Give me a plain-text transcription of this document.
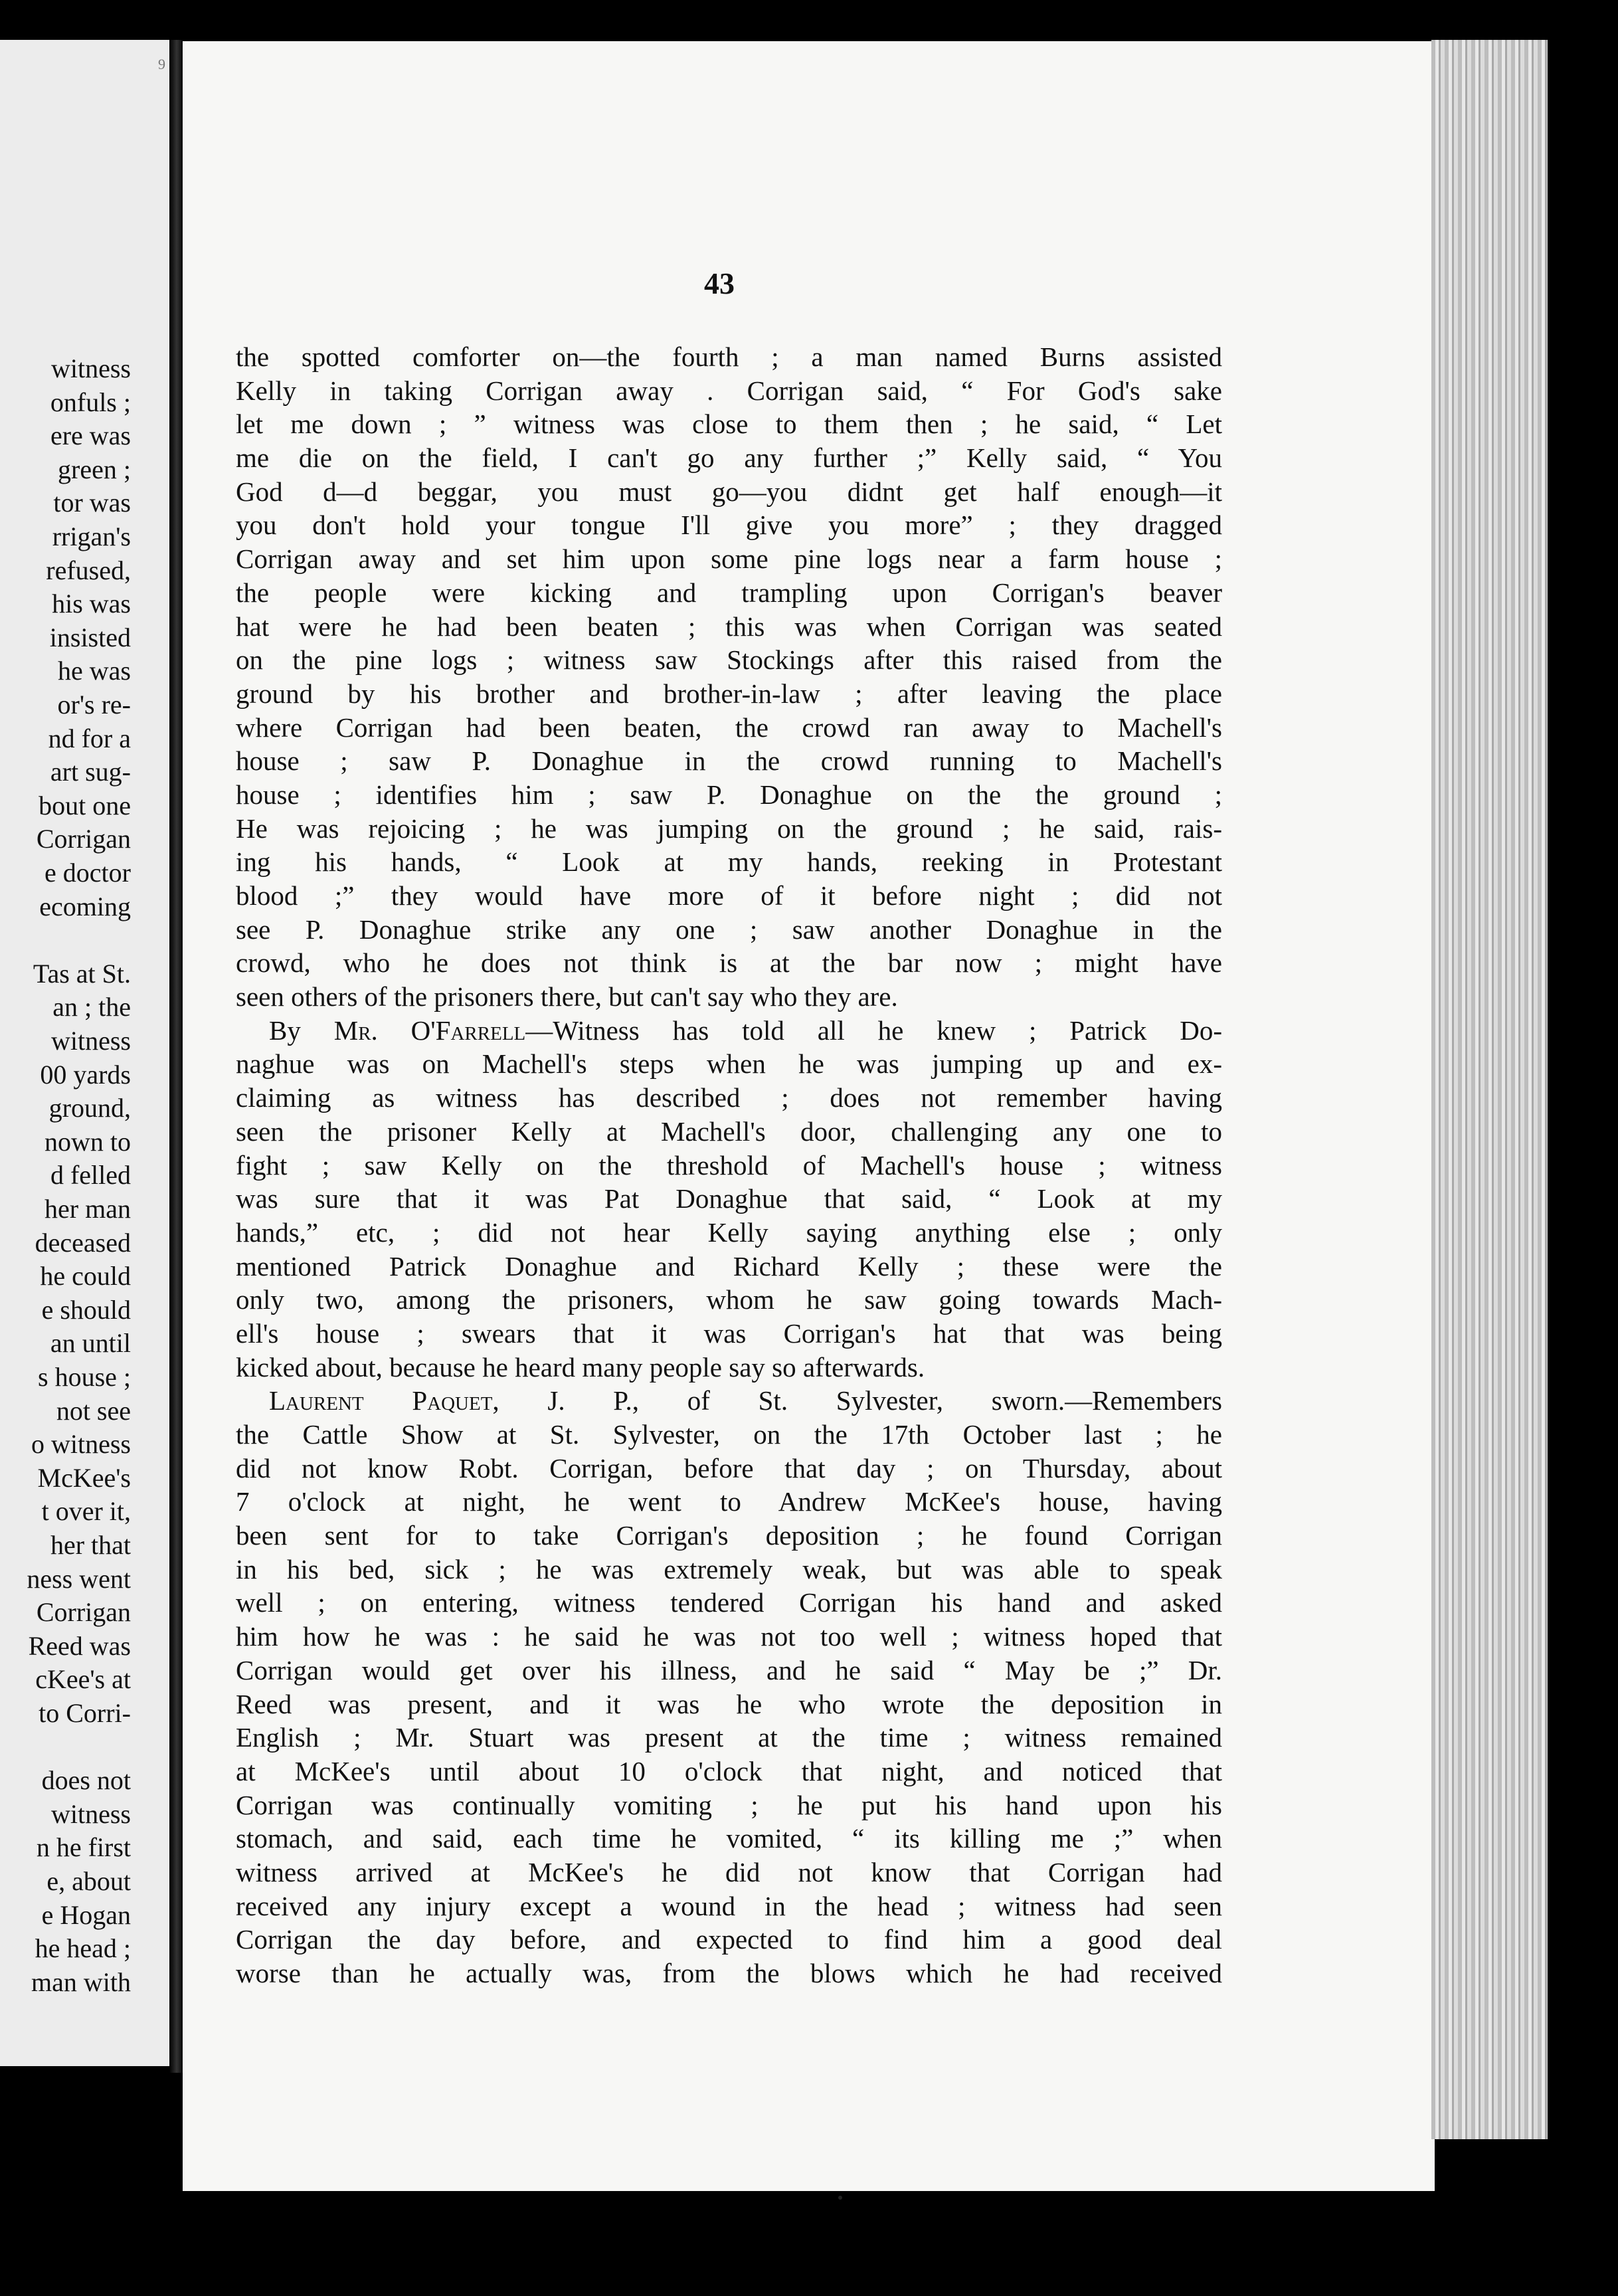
9
witness
onfuls ;
ere was
green ;
tor was
rrigan's
refused,
his was
insisted
he was
or's re-
nd for a
art sug-
bout one
Corrigan
e doctor
ecoming
Tas at St.
an ; the
witness
00 yards
ground,
nown to
d felled
her man
deceased
he could
e should
an until
s house ;
not see
o witness
McKee's
t over it,
her that
ness went
Corrigan
Reed was
cKee's at
to Corri-
does not
witness
n he first
e, about
e Hogan
he head ;
man with
43
the spotted comforter on—the fourth ; a man named Burns assisted
Kelly in taking Corrigan away . Corrigan said, “ For God's sake
let me down ; ” witness was close to them then ; he said, “ Let
me die on the field, I can't go any further ;” Kelly said, “ You
God d—d beggar, you must go—you didnt get half enough—it
you don't hold your tongue I'll give you more” ; they dragged
Corrigan away and set him upon some pine logs near a farm house ;
the people were kicking and trampling upon Corrigan's beaver
hat were he had been beaten ; this was when Corrigan was seated
on the pine logs ; witness saw Stockings after this raised from the
ground by his brother and brother-in-law ; after leaving the place
where Corrigan had been beaten, the crowd ran away to Machell's
house ; saw P. Donaghue in the crowd running to Machell's
house ; identifies him ; saw P. Donaghue on the the ground ;
He was rejoicing ; he was jumping on the ground ; he said, rais-
ing his hands, “ Look at my hands, reeking in Protestant
blood ;” they would have more of it before night ; did not
see P. Donaghue strike any one ; saw another Donaghue in the
crowd, who he does not think is at the bar now ; might have
seen others of the prisoners there, but can't say who they are.
By Mr. O'Farrell—Witness has told all he knew ; Patrick Do-
naghue was on Machell's steps when he was jumping up and ex-
claiming as witness has described ; does not remember having
seen the prisoner Kelly at Machell's door, challenging any one to
fight ; saw Kelly on the threshold of Machell's house ; witness
was sure that it was Pat Donaghue that said, “ Look at my
hands,” etc, ; did not hear Kelly saying anything else ; only
mentioned Patrick Donaghue and Richard Kelly ; these were the
only two, among the prisoners, whom he saw going towards Mach-
ell's house ; swears that it was Corrigan's hat that was being
kicked about, because he heard many people say so afterwards.
Laurent Paquet, J. P., of St. Sylvester, sworn.—Remembers
the Cattle Show at St. Sylvester, on the 17th October last ; he
did not know Robt. Corrigan, before that day ; on Thursday, about
7 o'clock at night, he went to Andrew McKee's house, having
been sent for to take Corrigan's deposition ; he found Corrigan
in his bed, sick ; he was extremely weak, but was able to speak
well ; on entering, witness tendered Corrigan his hand and asked
him how he was : he said he was not too well ; witness hoped that
Corrigan would get over his illness, and he said “ May be ;” Dr.
Reed was present, and it was he who wrote the deposition in
English ; Mr. Stuart was present at the time ; witness remained
at McKee's until about 10 o'clock that night, and noticed that
Corrigan was continually vomiting ; he put his hand upon his
stomach, and said, each time he vomited, “ its killing me ;” when
witness arrived at McKee's he did not know that Corrigan had
received any injury except a wound in the head ; witness had seen
Corrigan the day before, and expected to find him a good deal
worse than he actually was, from the blows which he had received
